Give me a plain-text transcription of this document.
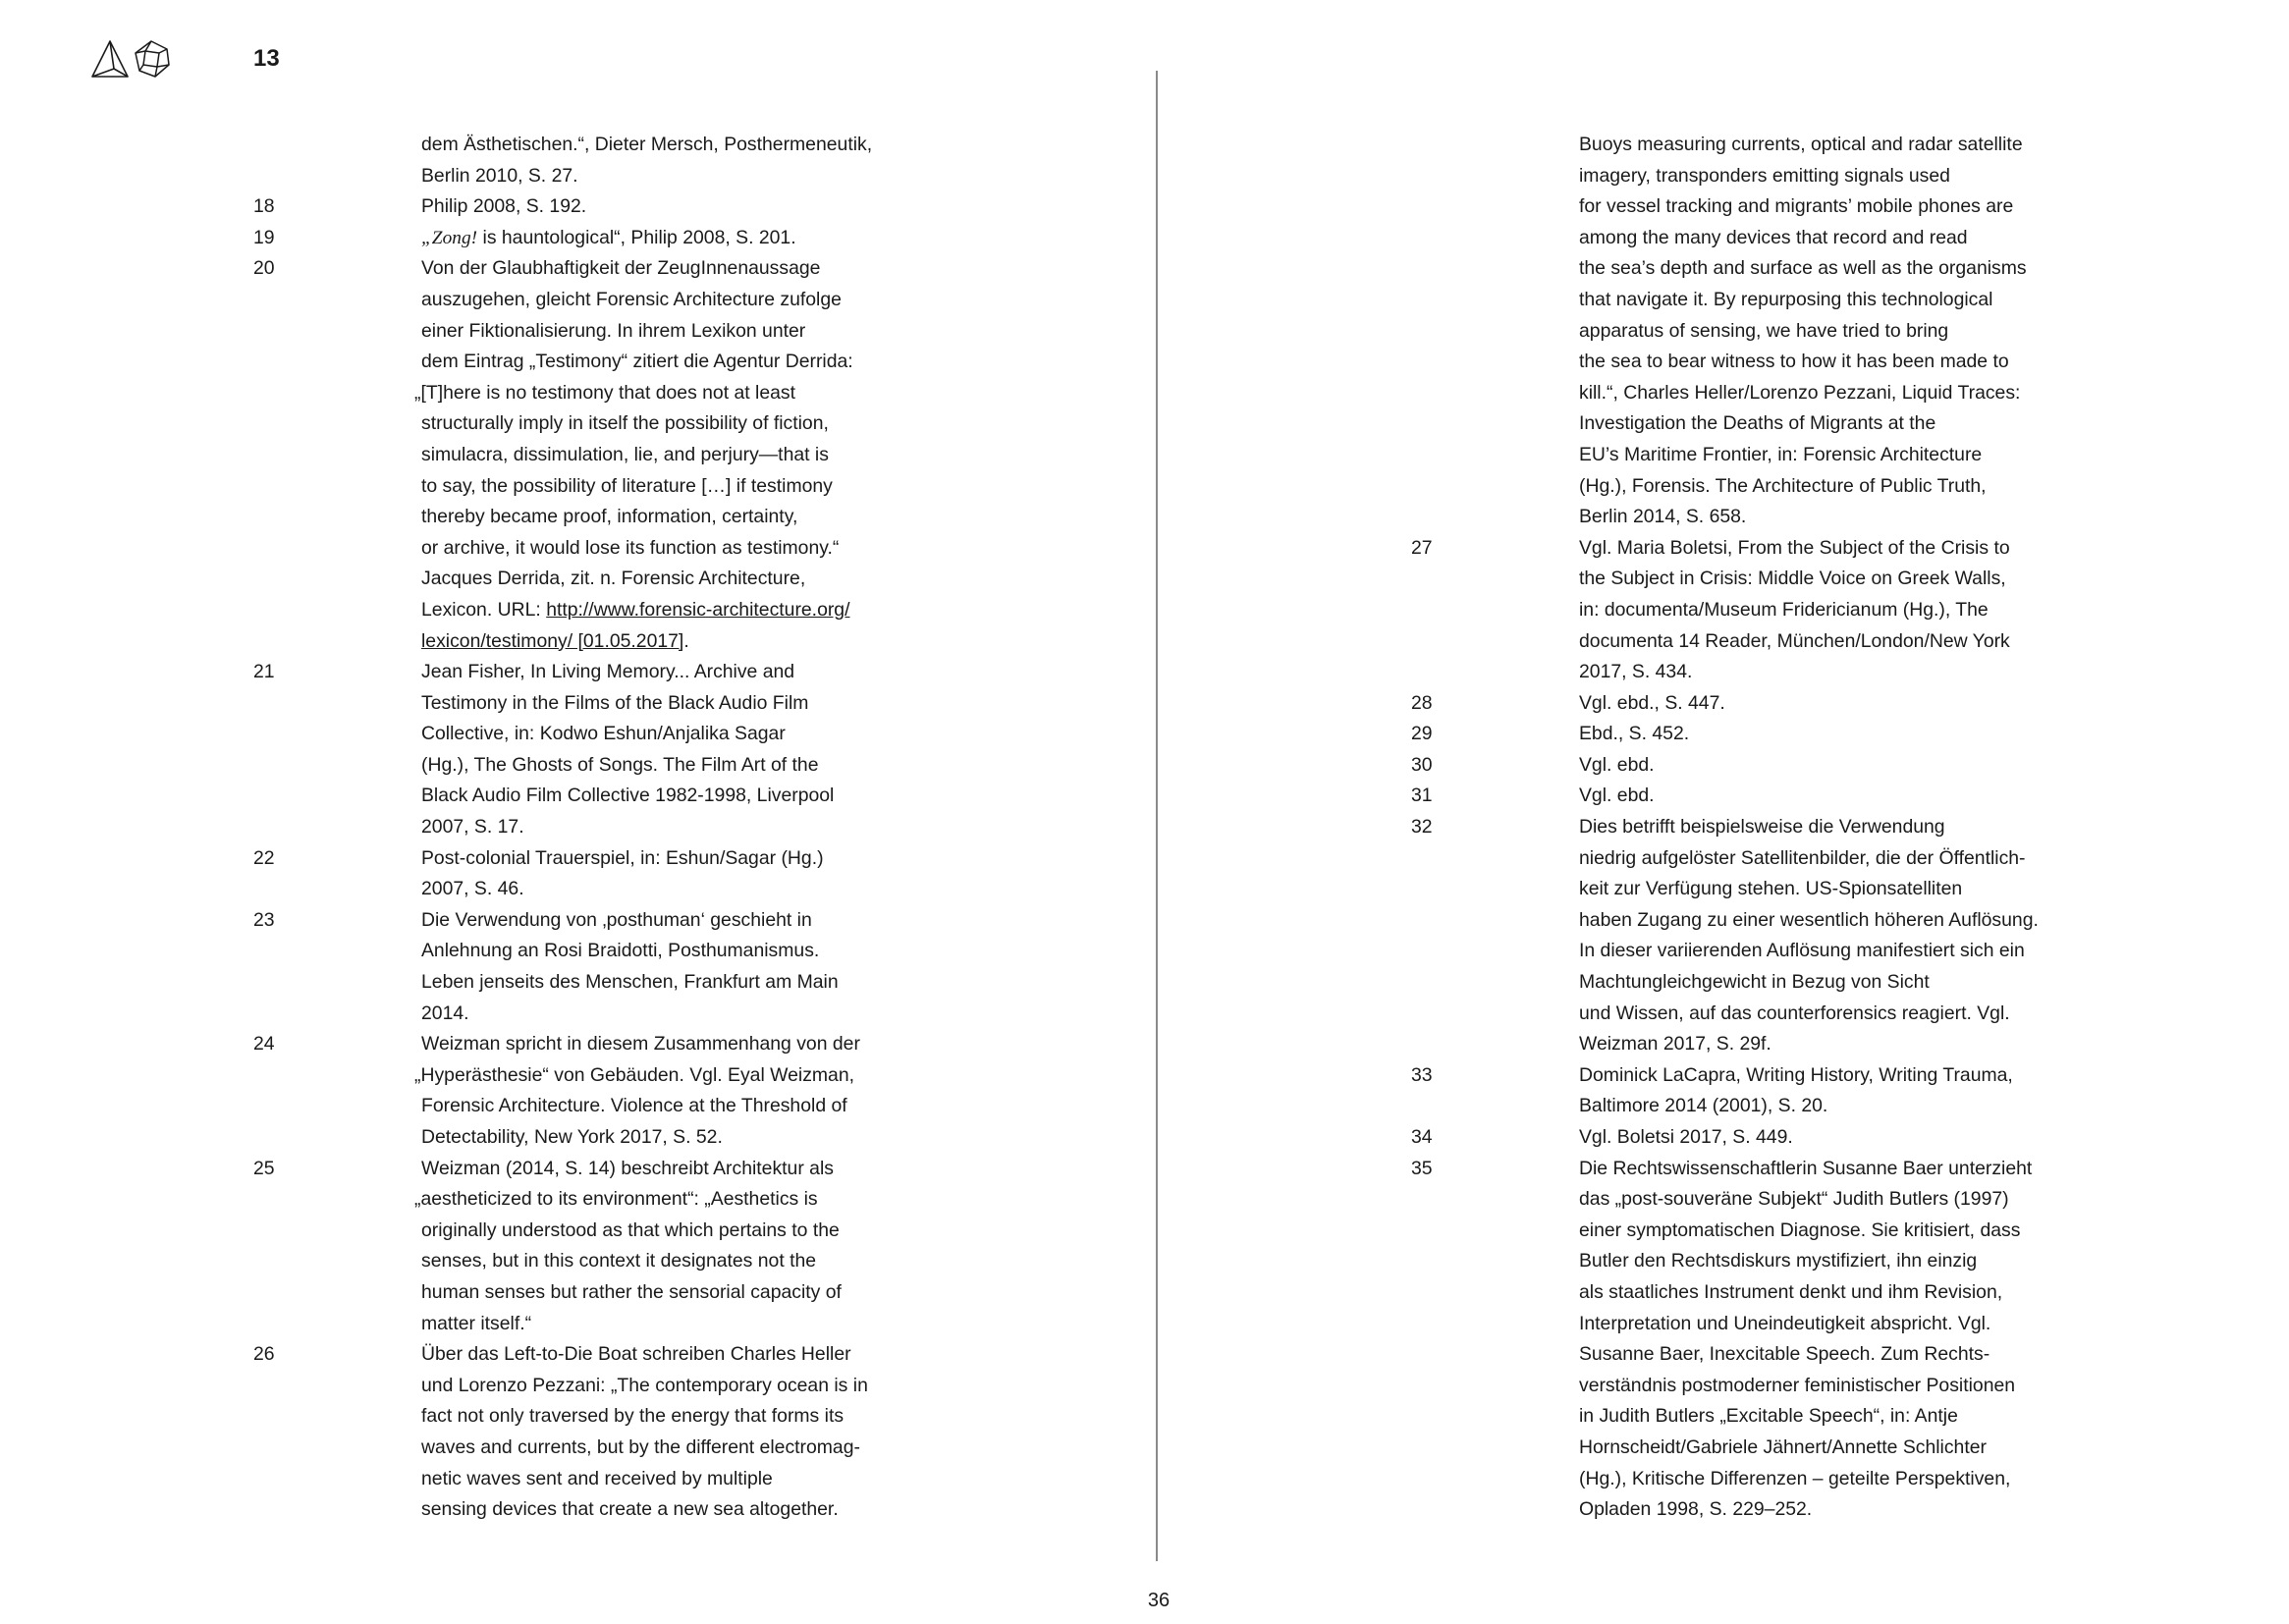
13
dem Ästhetischen.“, Dieter Mersch, Posthermeneutik,
Berlin 2010, S. 27.
18	Philip 2008, S. 192.
19	„Zong! is hauntological“, Philip 2008, S. 201.
20	Von der Glaubhaftigkeit der ZeugInnenaussage
auszugehen, gleicht Forensic Architecture zufolge
einer Fiktionalisierung. In ihrem Lexikon unter
dem Eintrag „Testimony“ zitiert die Agentur Derrida:
„[T]here is no testimony that does not at least
structurally imply in itself the possibility of fiction,
simulacra, dissimulation, lie, and perjury—that is
to say, the possibility of literature […] if testimony
thereby became proof, information, certainty,
or archive, it would lose its function as testimony.“
Jacques Derrida, zit. n. Forensic Architecture,
Lexicon. URL: http://www.forensic-architecture.org/
lexicon/testimony/ [01.05.2017].
21	Jean Fisher, In Living Memory... Archive and
Testimony in the Films of the Black Audio Film
Collective, in: Kodwo Eshun/Anjalika Sagar
(Hg.), The Ghosts of Songs. The Film Art of the
Black Audio Film Collective 1982-1998, Liverpool
2007, S. 17.
22	Post-colonial Trauerspiel, in: Eshun/Sagar (Hg.)
2007, S. 46.
23	Die Verwendung von ‚posthuman‘ geschieht in
Anlehnung an Rosi Braidotti, Posthumanismus.
Leben jenseits des Menschen, Frankfurt am Main
2014.
24	Weizman spricht in diesem Zusammenhang von der
„Hyperästhesie“ von Gebäuden. Vgl. Eyal Weizman,
Forensic Architecture. Violence at the Threshold of
Detectability, New York 2017, S. 52.
25	Weizman (2014, S. 14) beschreibt Architektur als
„aestheticized to its environment“: „Aesthetics is
originally understood as that which pertains to the
senses, but in this context it designates not the
human senses but rather the sensorial capacity of
matter itself.“
26	Über das Left-to-Die Boat schreiben Charles Heller
und Lorenzo Pezzani: „The contemporary ocean is in
fact not only traversed by the energy that forms its
waves and currents, but by the different electromag-
netic waves sent and received by multiple
sensing devices that create a new sea altogether.
Buoys measuring currents, optical and radar satellite
imagery, transponders emitting signals used
for vessel tracking and migrants’ mobile phones are
among the many devices that record and read
the sea’s depth and surface as well as the organisms
that navigate it. By repurposing this technological
apparatus of sensing, we have tried to bring
the sea to bear witness to how it has been made to
kill.“, Charles Heller/Lorenzo Pezzani, Liquid Traces:
Investigation the Deaths of Migrants at the
EU’s Maritime Frontier, in: Forensic Architecture
(Hg.), Forensis. The Architecture of Public Truth,
Berlin 2014, S. 658.
27	Vgl. Maria Boletsi, From the Subject of the Crisis to
the Subject in Crisis: Middle Voice on Greek Walls,
in: documenta/Museum Fridericianum (Hg.), The
documenta 14 Reader, München/London/New York
2017, S. 434.
28	Vgl. ebd., S. 447.
29	Ebd., S. 452.
30	Vgl. ebd.
31	Vgl. ebd.
32	Dies betrifft beispielsweise die Verwendung
niedrig aufgelöster Satellitenbilder, die der Öffentlich-
keit zur Verfügung stehen. US-Spionsatelliten
haben Zugang zu einer wesentlich höheren Auflösung.
In dieser variierenden Auflösung manifestiert sich ein
Machtungleichgewicht in Bezug von Sicht
und Wissen, auf das counterforensics reagiert. Vgl.
Weizman 2017, S. 29f.
33	Dominick LaCapra, Writing History, Writing Trauma,
Baltimore 2014 (2001), S. 20.
34	Vgl. Boletsi 2017, S. 449.
35	Die Rechtswissenschaftlerin Susanne Baer unterzieht
das „post-souveräne Subjekt“ Judith Butlers (1997)
einer symptomatischen Diagnose. Sie kritisiert, dass
Butler den Rechtsdiskurs mystifiziert, ihn einzig
als staatliches Instrument denkt und ihm Revision,
Interpretation und Uneindeutigkeit abspricht. Vgl.
Susanne Baer, Inexcitable Speech. Zum Rechts-
verständnis postmoderner feministischer Positionen
in Judith Butlers „Excitable Speech“, in: Antje
Hornscheidt/Gabriele Jähnert/Annette Schlichter
(Hg.), Kritische Differenzen – geteilte Perspektiven,
Opladen 1998, S. 229–252.
36
